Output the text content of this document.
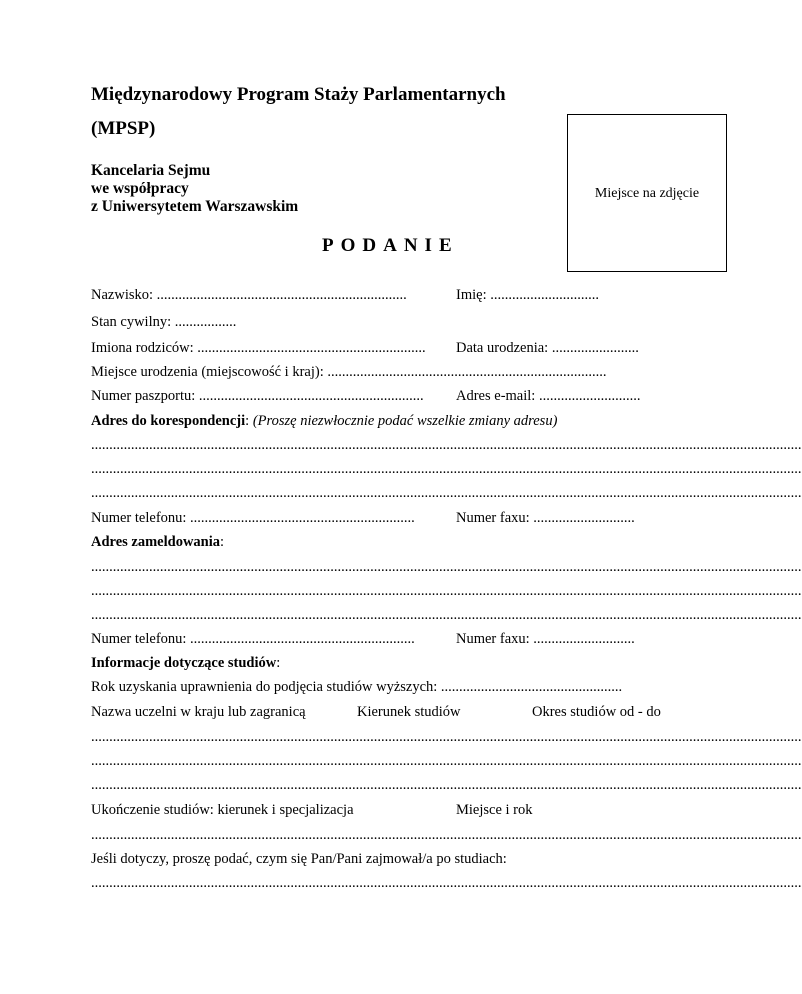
Międzynarodowy Program Staży Parlamentarnych
(MPSP)
Kancelaria Sejmu
we współpracy
z Uniwersytetem Warszawskim
Miejsce na zdjęcie
PODANIE
Nazwisko: .....................................................................	Imię: ..............................
Stan cywilny: .................
Imiona rodziców: ...............................................................	Data urodzenia: ........................
Miejsce urodzenia (miejscowość i kraj): .............................................................................
Numer paszportu: ..............................................................	Adres e-mail: ............................
Adres do korespondencji: (Proszę niezwłocznie podać wszelkie zmiany adresu)
....................................................................................................................................................................................................
....................................................................................................................................................................................................
....................................................................................................................................................................................................
Numer telefonu: ..............................................................	Numer faxu: ............................
Adres zameldowania:
....................................................................................................................................................................................................
....................................................................................................................................................................................................
....................................................................................................................................................................................................
Numer telefonu: ..............................................................	Numer faxu: ............................
Informacje dotyczące studiów:
Rok uzyskania uprawnienia do podjęcia studiów wyższych: ..................................................
Nazwa uczelni w kraju lub zagranicą	Kierunek studiów	Okres studiów od - do
....................................................................................................................................................................................................
....................................................................................................................................................................................................
....................................................................................................................................................................................................
Ukończenie studiów: kierunek i specjalizacja	Miejsce i rok
....................................................................................................................................................................................................
Jeśli dotyczy, proszę podać, czym się Pan/Pani zajmował/a po studiach:
....................................................................................................................................................................................................
